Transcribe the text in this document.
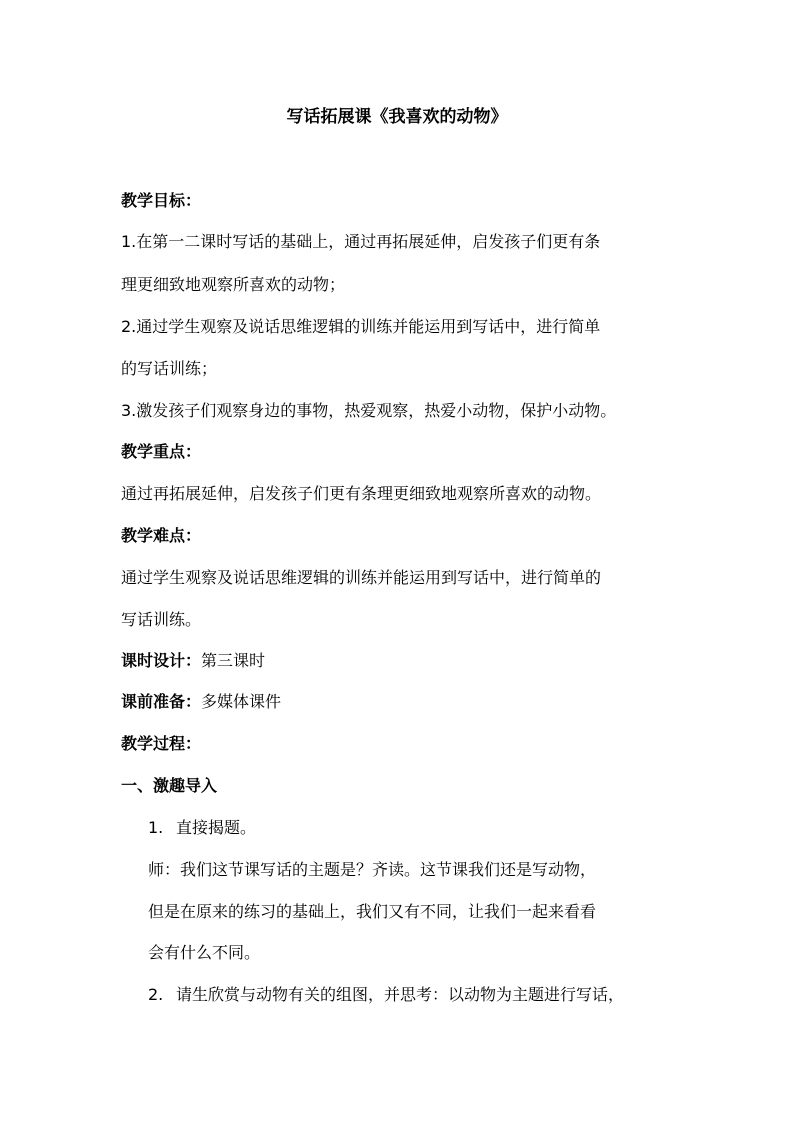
写话拓展课《我喜欢的动物》
教学目标：
1.在第一二课时写话的基础上，通过再拓展延伸，启发孩子们更有条
理更细致地观察所喜欢的动物；
2.通过学生观察及说话思维逻辑的训练并能运用到写话中，进行简单
的写话训练；
3.激发孩子们观察身边的事物，热爱观察，热爱小动物，保护小动物。
教学重点：
通过再拓展延伸，启发孩子们更有条理更细致地观察所喜欢的动物。
教学难点：
通过学生观察及说话思维逻辑的训练并能运用到写话中，进行简单的
写话训练。
课时设计：第三课时
课前准备：多媒体课件
教学过程：
一、激趣导入
1. 直接揭题。
师：我们这节课写话的主题是？齐读。这节课我们还是写动物，
但是在原来的练习的基础上，我们又有不同，让我们一起来看看
会有什么不同。
2. 请生欣赏与动物有关的组图，并思考：以动物为主题进行写话，
